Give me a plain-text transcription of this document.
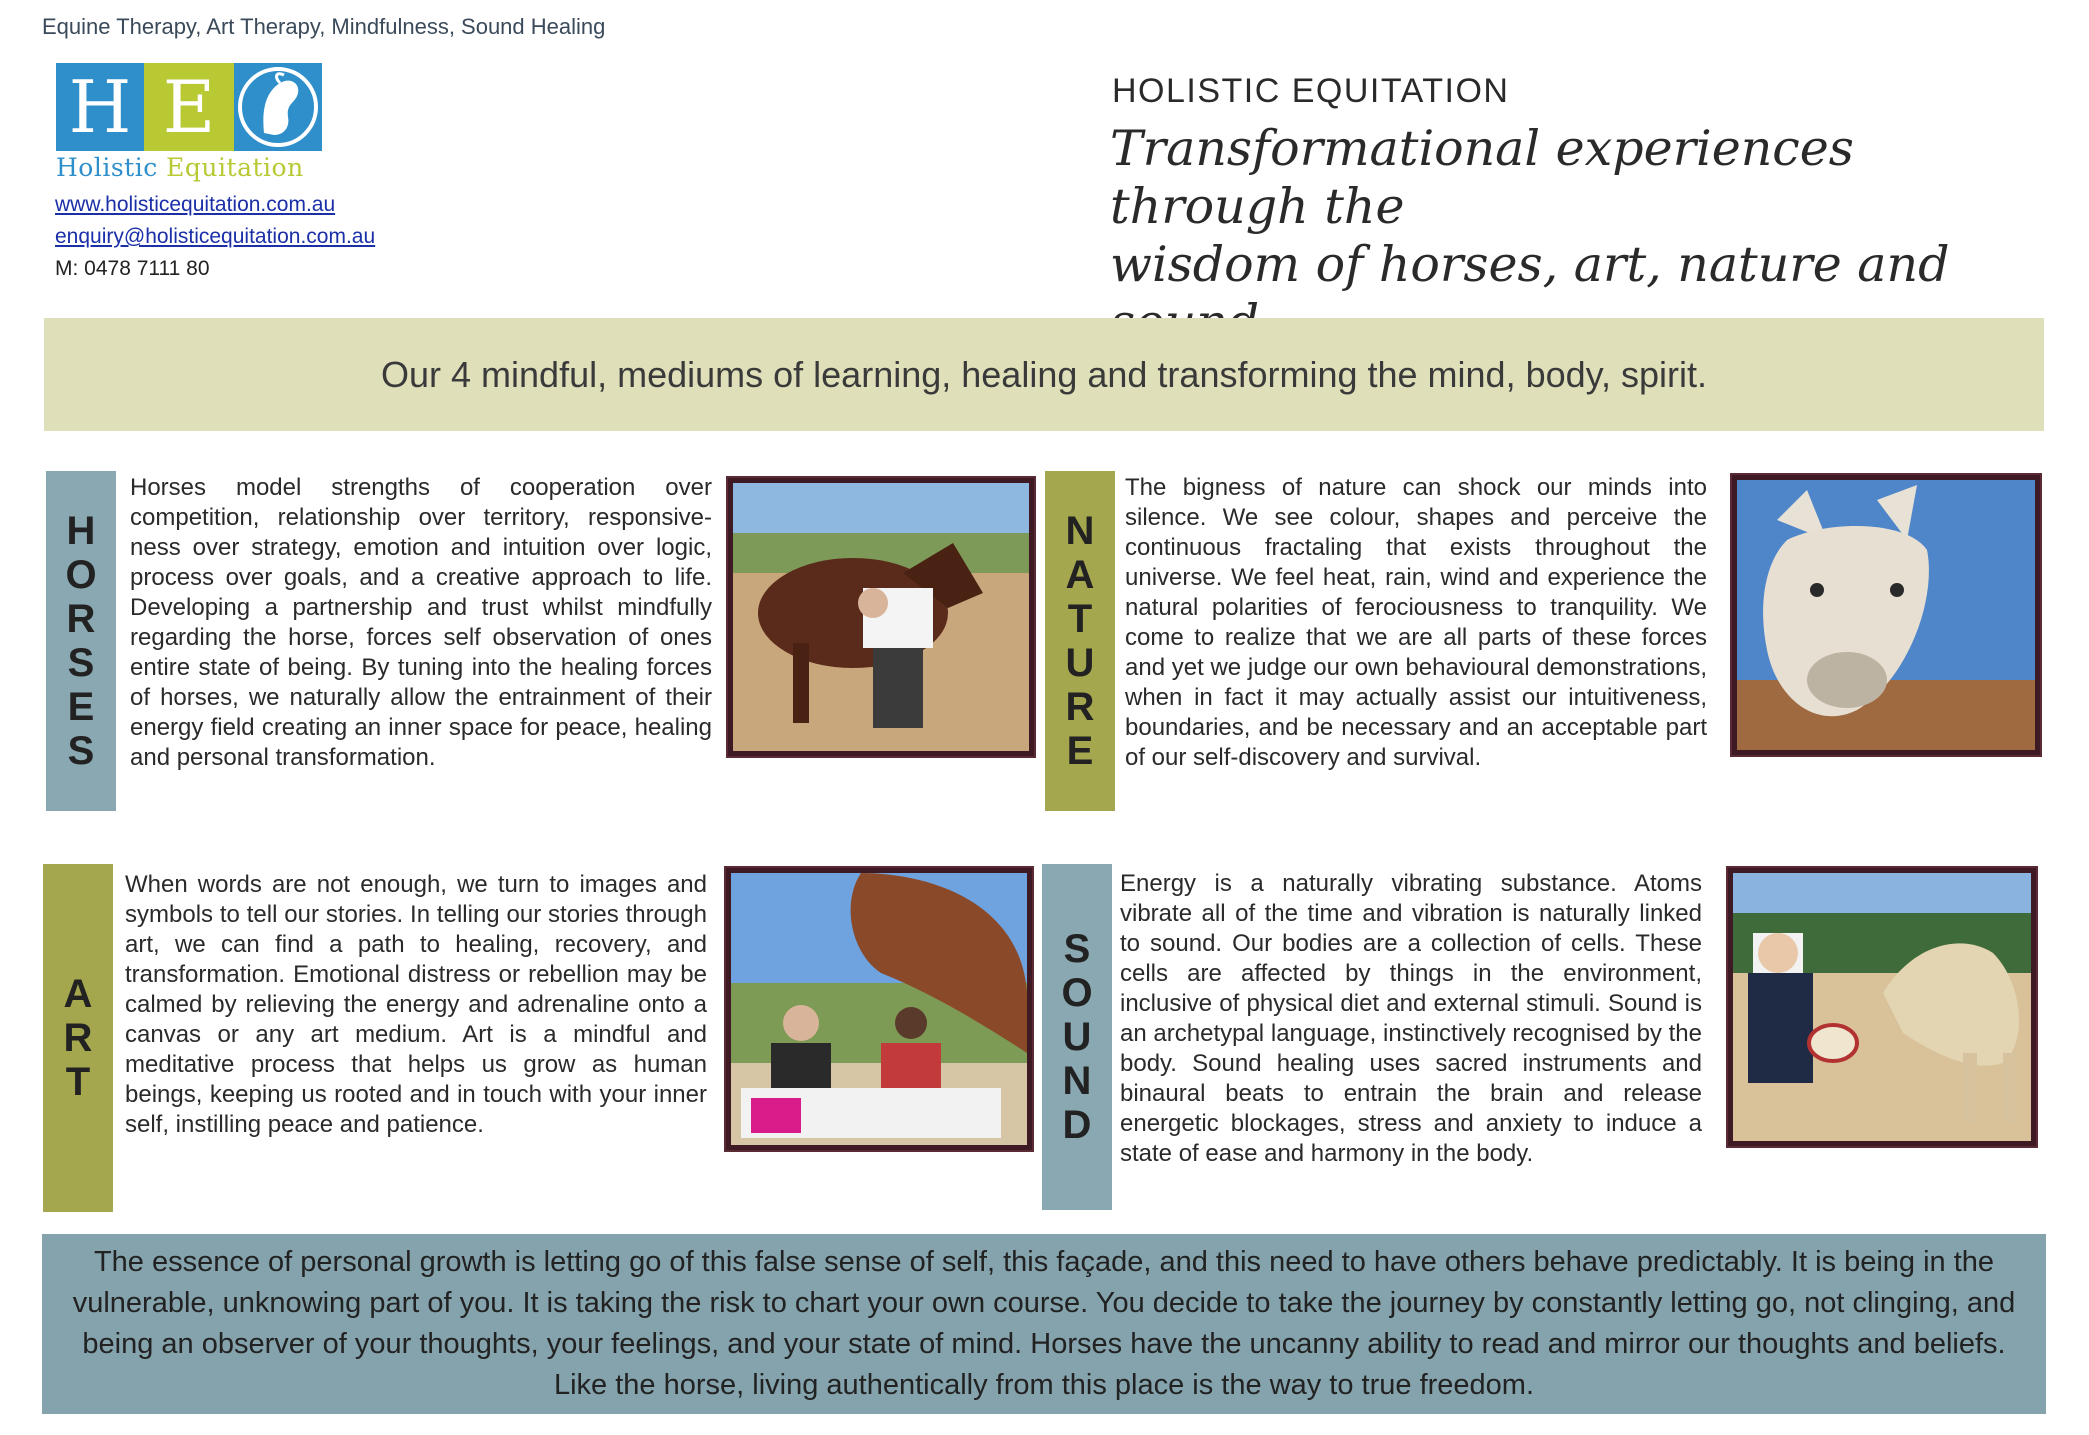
Equine Therapy, Art Therapy, Mindfulness, Sound Healing
H E
Holistic Equitation
www.holisticequitation.com.au
enquiry@holisticequitation.com.au
M: 0478 7111 80
HOLISTIC EQUITATION
Transformational experiences through the
wisdom of horses, art, nature and
Our 4 mindful, mediums of learning, healing and transforming the mind, body, spirit.
H
O
R
S
E
S
Horses model strengths of cooperation over competition, relationship over territory, responsive-ness over strategy, emotion and intuition over logic, process over goals, and a creative approach to life. Developing a partnership and trust whilst mindfully regarding the horse, forces self observation of ones entire state of being. By tuning into the healing forces of horses, we naturally allow the entrainment of their energy field creating an inner space for peace, healing and personal transformation.
N
A
T
U
R
E
The bigness of nature can shock our minds into silence. We see colour, shapes and perceive the continuous fractaling that exists throughout the universe. We feel heat, rain, wind and experience the natural polarities of ferociousness to tranquility. We come to realize that we are all parts of these forces and yet we judge our own behavioural demonstrations, when in fact it may actually assist our intuitiveness, boundaries, and be necessary and an acceptable part of our self-discovery and survival.
A
R
T
When words are not enough, we turn to images and symbols to tell our stories. In telling our stories through art, we can find a path to healing, recovery, and transformation. Emotional distress or rebellion may be calmed by relieving the energy and adrenaline onto a canvas or any art medium. Art is a mindful and meditative process that helps us grow as human beings, keeping us rooted and in touch with your inner self, instilling peace and patience.
S
O
U
N
D
Energy is a naturally vibrating substance. Atoms vibrate all of the time and vibration is naturally linked to sound. Our bodies are a collection of cells. These cells are affected by things in the environment, inclusive of physical diet and external stimuli. Sound is an archetypal language, instinctively recognised by the body. Sound healing uses sacred instruments and binaural beats to entrain the brain and release energetic blockages, stress and anxiety to induce a state of ease and harmony in the body.
The essence of personal growth is letting go of this false sense of self, this façade, and this need to have others behave predictably. It is being in the vulnerable, unknowing part of you. It is taking the risk to chart your own course. You decide to take the journey by constantly letting go, not clinging, and being an observer of your thoughts, your feelings, and your state of mind. Horses have the uncanny ability to read and mirror our thoughts and beliefs. Like the horse, living authentically from this place is the way to true freedom.
